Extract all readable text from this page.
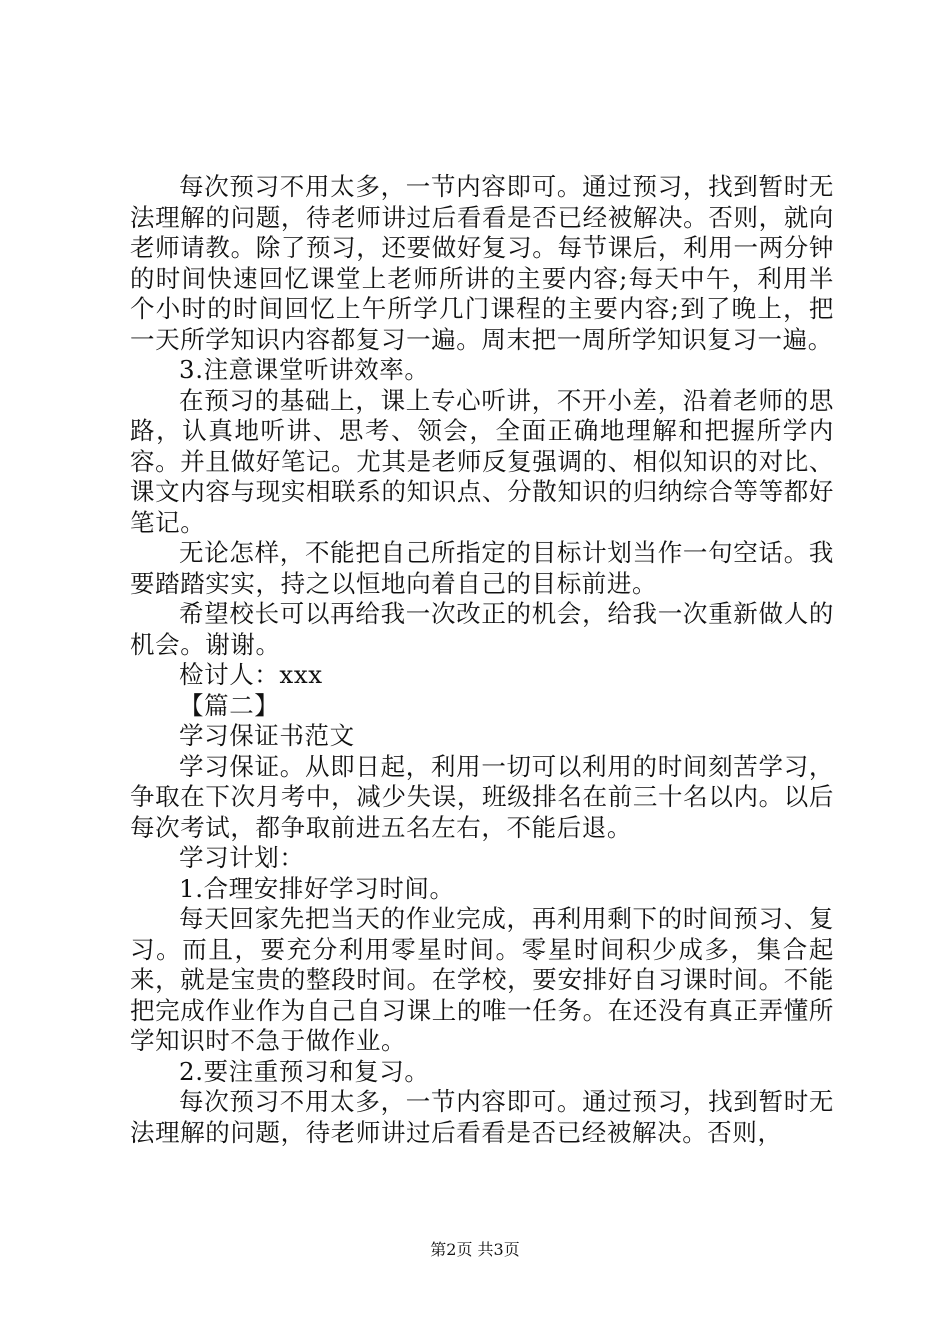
每次预习不用太多，一节内容即可。通过预习，找到暂时无法理解的问题，待老师讲过后看看是否已经被解决。否则，就向老师请教。除了预习，还要做好复习。每节课后，利用一两分钟的时间快速回忆课堂上老师所讲的主要内容;每天中午，利用半个小时的时间回忆上午所学几门课程的主要内容;到了晚上，把一天所学知识内容都复习一遍。周末把一周所学知识复习一遍。

3.注意课堂听讲效率。

在预习的基础上，课上专心听讲，不开小差，沿着老师的思路，认真地听讲、思考、领会，全面正确地理解和把握所学内容。并且做好笔记。尤其是老师反复强调的、相似知识的对比、课文内容与现实相联系的知识点、分散知识的归纳综合等等都好笔记。

无论怎样，不能把自己所指定的目标计划当作一句空话。我要踏踏实实，持之以恒地向着自己的目标前进。

希望校长可以再给我一次改正的机会，给我一次重新做人的机会。谢谢。

检讨人：xxx

【篇二】

学习保证书范文

学习保证。从即日起，利用一切可以利用的时间刻苦学习，争取在下次月考中，减少失误，班级排名在前三十名以内。以后每次考试，都争取前进五名左右，不能后退。

学习计划：

1.合理安排好学习时间。

每天回家先把当天的作业完成，再利用剩下的时间预习、复习。而且，要充分利用零星时间。零星时间积少成多，集合起来，就是宝贵的整段时间。在学校，要安排好自习课时间。不能把完成作业作为自己自习课上的唯一任务。在还没有真正弄懂所学知识时不急于做作业。

2.要注重预习和复习。

每次预习不用太多，一节内容即可。通过预习，找到暂时无法理解的问题，待老师讲过后看看是否已经被解决。否则，

第2页 共3页
